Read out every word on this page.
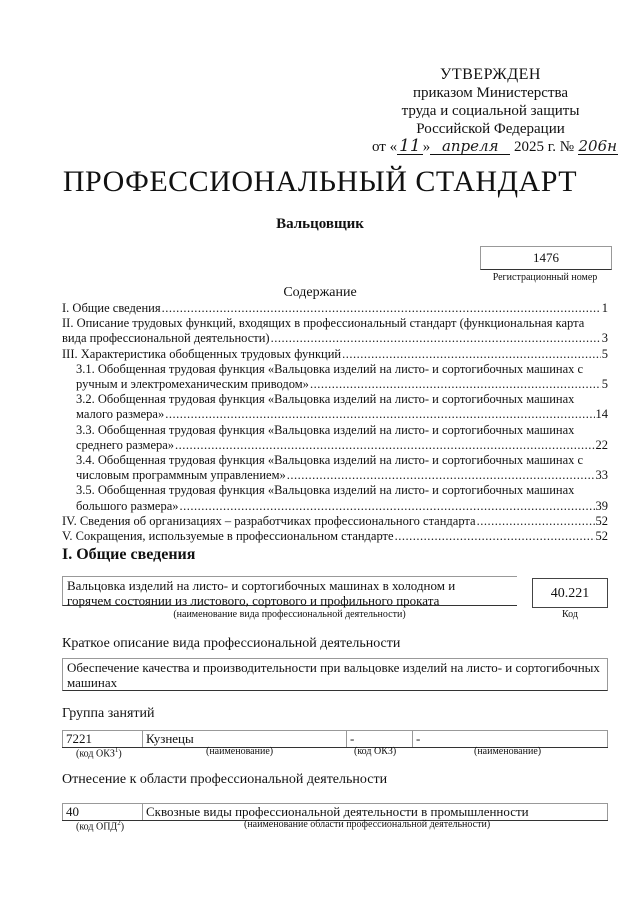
УТВЕРЖДЕН
приказом Министерства
труда и социальной защиты
Российской Федерации
от « 11 » апреля 2025 г. № 206н
ПРОФЕССИОНАЛЬНЫЙ СТАНДАРТ
Вальцовщик
1476
Регистрационный номер
Содержание
I. Общие сведения .....	1
II. Описание трудовых функций, входящих в профессиональный стандарт (функциональная карта
вида профессиональной деятельности) .....	3
III. Характеристика обобщенных трудовых функций .....	5
3.1. Обобщенная трудовая функция «Вальцовка изделий на листо- и сортогибочных машинах с
ручным и электромеханическим приводом» .....	5
3.2. Обобщенная трудовая функция «Вальцовка изделий на листо- и сортогибочных машинах
малого размера» .....	14
3.3. Обобщенная трудовая функция «Вальцовка изделий на листо- и сортогибочных машинах
среднего размера» .....	22
3.4. Обобщенная трудовая функция «Вальцовка изделий на листо- и сортогибочных машинах с
числовым программным управлением» .....	33
3.5. Обобщенная трудовая функция «Вальцовка изделий на листо- и сортогибочных машинах
большого размера» .....	39
IV. Сведения об организациях – разработчиках профессионального стандарта .....	52
V. Сокращения, используемые в профессиональном стандарте .....	52
I. Общие сведения
Вальцовка изделий на листо- и сортогибочных машинах в холодном и
горячем состоянии из листового, сортового и профильного проката
(наименование вида профессиональной деятельности)
40.221
Код
Краткое описание вида профессиональной деятельности
Обеспечение качества и производительности при вальцовке изделий на листо- и сортогибочных машинах
Группа занятий
7221	Кузнецы	-	-
(код ОКЗ$^1$)	(наименование)	(код ОКЗ)	(наименование)
Отнесение к области профессиональной деятельности
40	Сквозные виды профессиональной деятельности в промышленности
(код ОПД$^2$)	(наименование области профессиональной деятельности)
